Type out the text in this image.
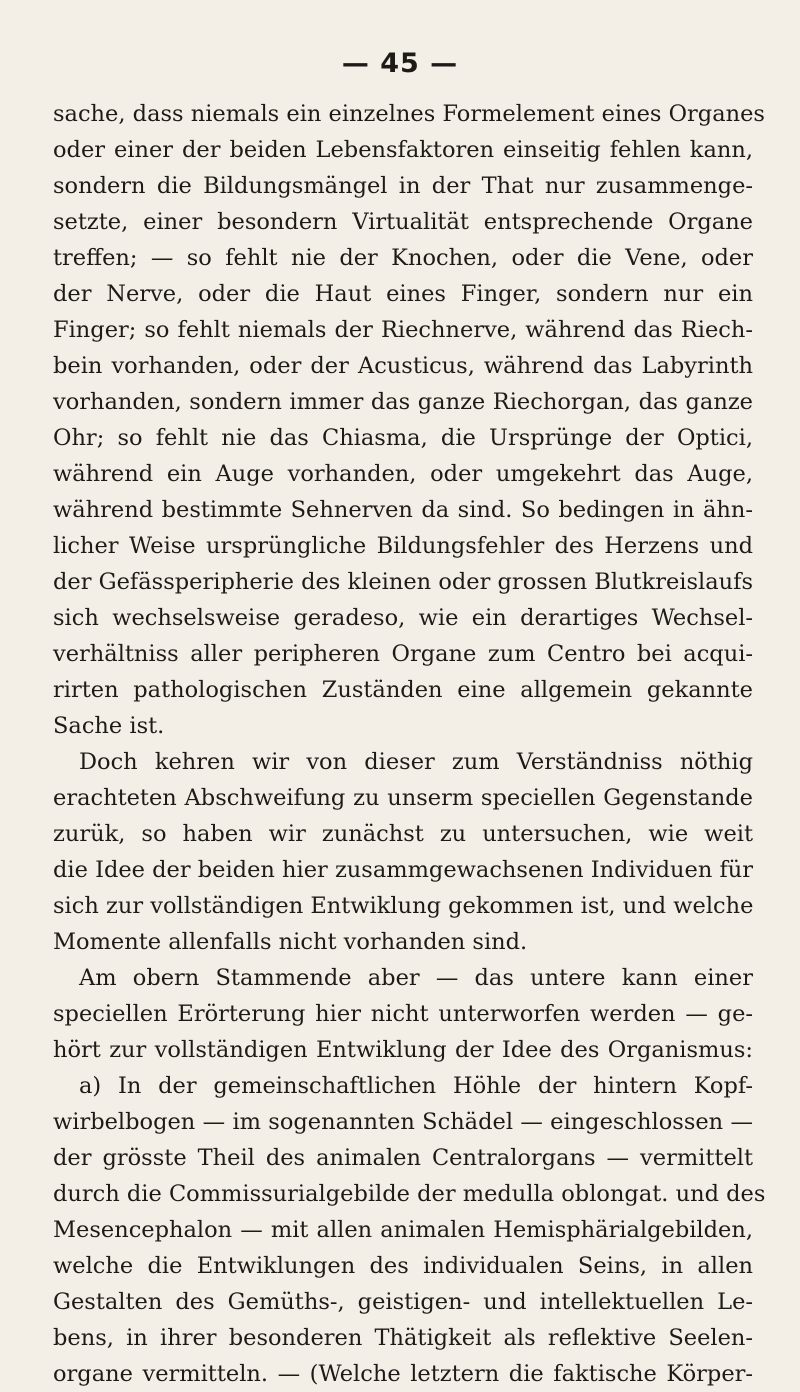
— 45 —
sache, dass niemals ein einzelnes Formelement eines Organes
oder einer der beiden Lebensfaktoren einseitig fehlen kann,
sondern die Bildungsmängel in der That nur zusammenge-
setzte, einer besondern Virtualität entsprechende Organe
treffen; — so fehlt nie der Knochen, oder die Vene, oder
der Nerve, oder die Haut eines Finger, sondern nur ein
Finger; so fehlt niemals der Riechnerve, während das Riech-
bein vorhanden, oder der Acusticus, während das Labyrinth
vorhanden, sondern immer das ganze Riechorgan, das ganze
Ohr; so fehlt nie das Chiasma, die Ursprünge der Optici,
während ein Auge vorhanden, oder umgekehrt das Auge,
während bestimmte Sehnerven da sind. So bedingen in ähn-
licher Weise ursprüngliche Bildungsfehler des Herzens und
der Gefässperipherie des kleinen oder grossen Blutkreislaufs
sich wechselsweise geradeso, wie ein derartiges Wechsel-
verhältniss aller peripheren Organe zum Centro bei acqui-
rirten pathologischen Zuständen eine allgemein gekannte
Sache ist.
Doch kehren wir von dieser zum Verständniss nöthig
erachteten Abschweifung zu unserm speciellen Gegenstande
zurük, so haben wir zunächst zu untersuchen, wie weit
die Idee der beiden hier zusammgewachsenen Individuen für
sich zur vollständigen Entwiklung gekommen ist, und welche
Momente allenfalls nicht vorhanden sind.
Am obern Stammende aber — das untere kann einer
speciellen Erörterung hier nicht unterworfen werden — ge-
hört zur vollständigen Entwiklung der Idee des Organismus:
a) In der gemeinschaftlichen Höhle der hintern Kopf-
wirbelbogen — im sogenannten Schädel — eingeschlossen —
der grösste Theil des animalen Centralorgans — vermittelt
durch die Commissurialgebilde der medulla oblongat. und des
Mesencephalon — mit allen animalen Hemisphärialgebilden,
welche die Entwiklungen des individualen Seins, in allen
Gestalten des Gemüths-, geistigen- und intellektuellen Le-
bens, in ihrer besonderen Thätigkeit als reflektive Seelen-
organe vermitteln. — (Welche letztern die faktische Körper-
